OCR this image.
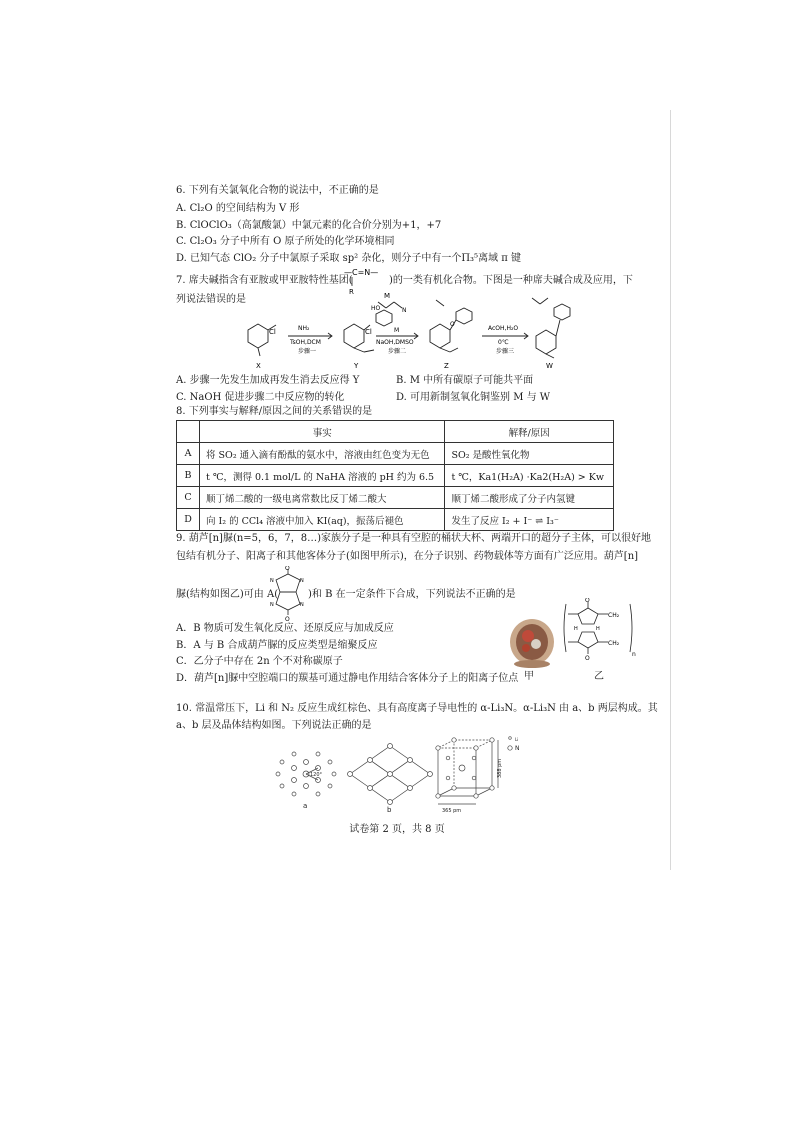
6. 下列有关氯氧化合物的说法中，不正确的是
A. Cl₂O 的空间结构为 V 形
B. ClOClO₃（高氯酸氯）中氯元素的化合价分别为+1，+7
C. Cl₂O₃ 分子中所有 O 原子所处的化学环境相同
D. 已知气态 ClO₂ 分子中氯原子采取 sp² 杂化，则分子中有一个Π₃⁵离域 π 键
7. 席夫碱指含有亚胺或甲亚胺特性基团(
—C=N—
R
)的一类有机化合物。下图是一种席夫碱合成及应用，下
列说法错误的是
Cl	Cl
NH₂
TsOH,DCM
步骤一
HO	N
M
NaOH,DMSO
步骤二
O
AcOH,H₂O
0℃
步骤三
X	Y
M
Z	W
A. 步骤一先发生加成再发生消去反应得 Y	B. M 中所有碳原子可能共平面
C. NaOH 促进步骤二中反应物的转化	D. 可用新制氢氧化铜鉴别 M 与 W
8. 下列事实与解释/原因之间的关系错误的是
	事实	解释/原因
A	将 SO₂ 通入滴有酚酞的氨水中，溶液由红色变为无色	SO₂ 是酸性氧化物
B	t ℃，测得 0.1 mol/L 的 NaHA 溶液的 pH 约为 6.5	t ℃，Ka1(H₂A) ·Ka2(H₂A) > Kw
C	顺丁烯二酸的一级电离常数比反丁烯二酸大	顺丁烯二酸形成了分子内氢键
D	向 I₂ 的 CCl₄ 溶液中加入 KI(aq)，振荡后褪色	发生了反应 I₂ + I⁻ ⇌ I₃⁻
9. 葫芦[n]脲(n=5，6，7，8…)家族分子是一种具有空腔的桶状大杯、两端开口的超分子主体，可以很好地
包结有机分子、阳离子和其他客体分子(如图甲所示)，在分子识别、药物载体等方面有广泛应用。葫芦[n]
脲(结构如图乙)可由 A(
O
O
N	N
N	N
)和 B 在一定条件下合成，下列说法不正确的是
A．B 物质可发生氧化反应、还原反应与加成反应
B．A 与 B 合成葫芦脲的反应类型是缩聚反应
C．乙分子中存在 2n 个不对称碳原子
D．葫芦[n]脲中空腔端口的羰基可通过静电作用结合客体分子上的阳离子位点 甲
O
O
CH₂
CH₂
H	H
n
乙
10. 常温常压下，Li 和 N₂ 反应生成红棕色、具有高度离子导电性的 α-Li₃N。α-Li₃N 由 a、b 两层构成。其
a、b 层及晶体结构如图。下列说法正确的是
120°
a	b
388 pm
365 pm
Li
N
试卷第 2 页，共 8 页
